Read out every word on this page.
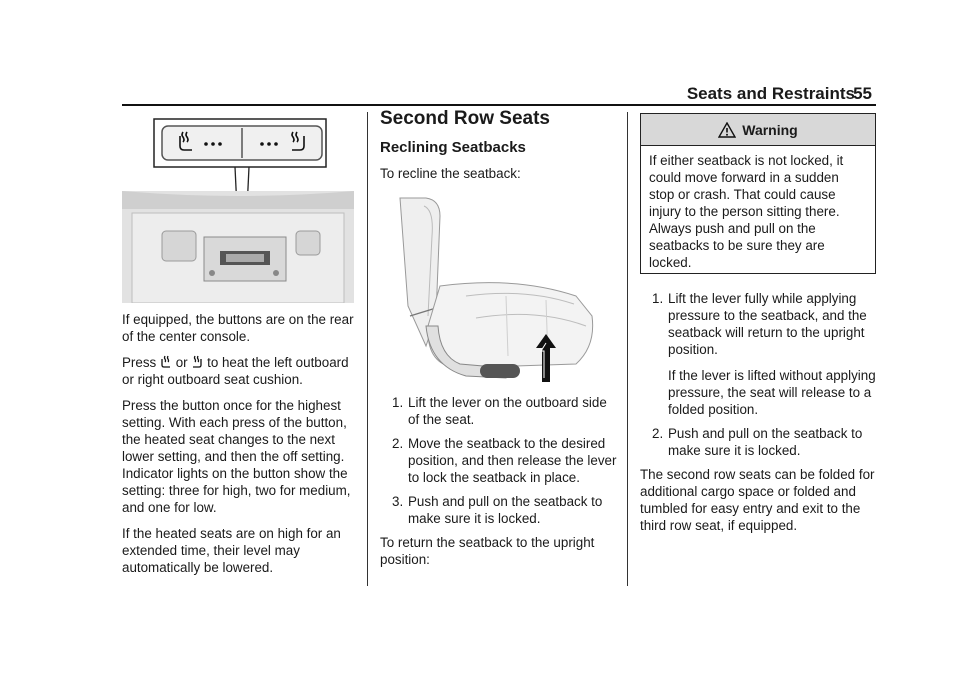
Seats and Restraints
55

If equipped, the buttons are on the rear of the center console.

Press or to heat the left outboard or right outboard seat cushion.

Press the button once for the highest setting. With each press of the button, the heated seat changes to the next lower setting, and then the off setting. Indicator lights on the button show the setting: three for high, two for medium, and one for low.

If the heated seats are on high for an extended time, their level may automatically be lowered.

Second Row Seats
Reclining Seatbacks
To recline the seatback:
1. Lift the lever on the outboard side of the seat.
2. Move the seatback to the desired position, and then release the lever to lock the seatback in place.
3. Push and pull on the seatback to make sure it is locked.

To return the seatback to the upright position:

Warning
If either seatback is not locked, it could move forward in a sudden stop or crash. That could cause injury to the person sitting there. Always push and pull on the seatbacks to be sure they are locked.
1. Lift the lever fully while applying pressure to the seatback, and the seatback will return to the upright position.
If the lever is lifted without applying pressure, the seat will release to a folded position.
2. Push and pull on the seatback to make sure it is locked.

The second row seats can be folded for additional cargo space or folded and tumbled for easy entry and exit to the third row seat, if equipped.
